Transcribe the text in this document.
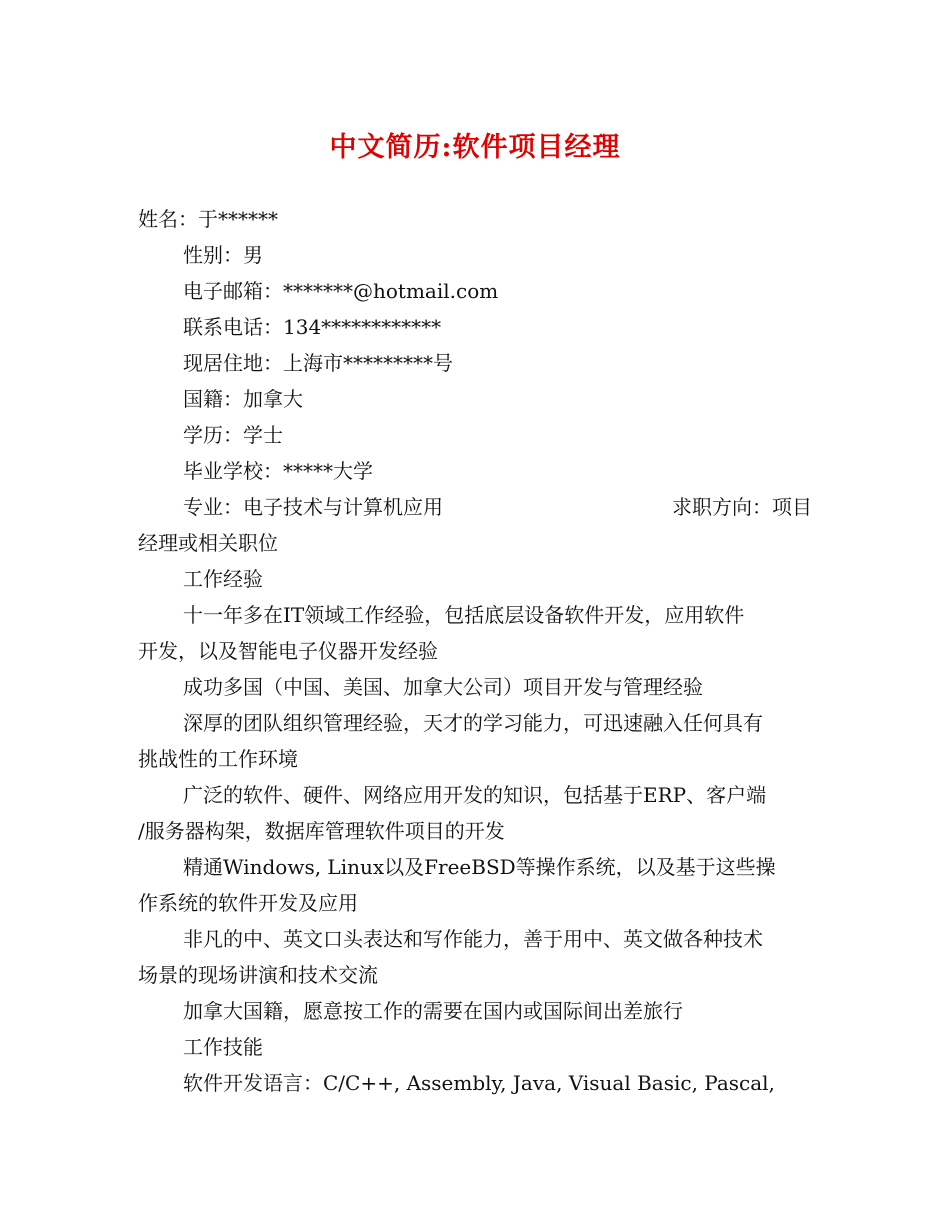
中文简历:软件项目经理

姓名：于******

性别：男

电子邮箱：*******@hotmail.com

联系电话：134************

现居住地：上海市*********号

国籍：加拿大

学历：学士

毕业学校：*****大学

专业：电子技术与计算机应用	求职方向：项目

经理或相关职位

工作经验

十一年多在IT领域工作经验，包括底层设备软件开发，应用软件

开发，以及智能电子仪器开发经验

成功多国（中国、美国、加拿大公司）项目开发与管理经验

深厚的团队组织管理经验，天才的学习能力，可迅速融入任何具有

挑战性的工作环境

广泛的软件、硬件、网络应用开发的知识，包括基于ERP、客户端

/服务器构架，数据库管理软件项目的开发

精通Windows, Linux以及FreeBSD等操作系统，以及基于这些操

作系统的软件开发及应用

非凡的中、英文口头表达和写作能力，善于用中、英文做各种技术

场景的现场讲演和技术交流

加拿大国籍，愿意按工作的需要在国内或国际间出差旅行

工作技能

软件开发语言：C/C++, Assembly, Java, Visual Basic, Pascal,
